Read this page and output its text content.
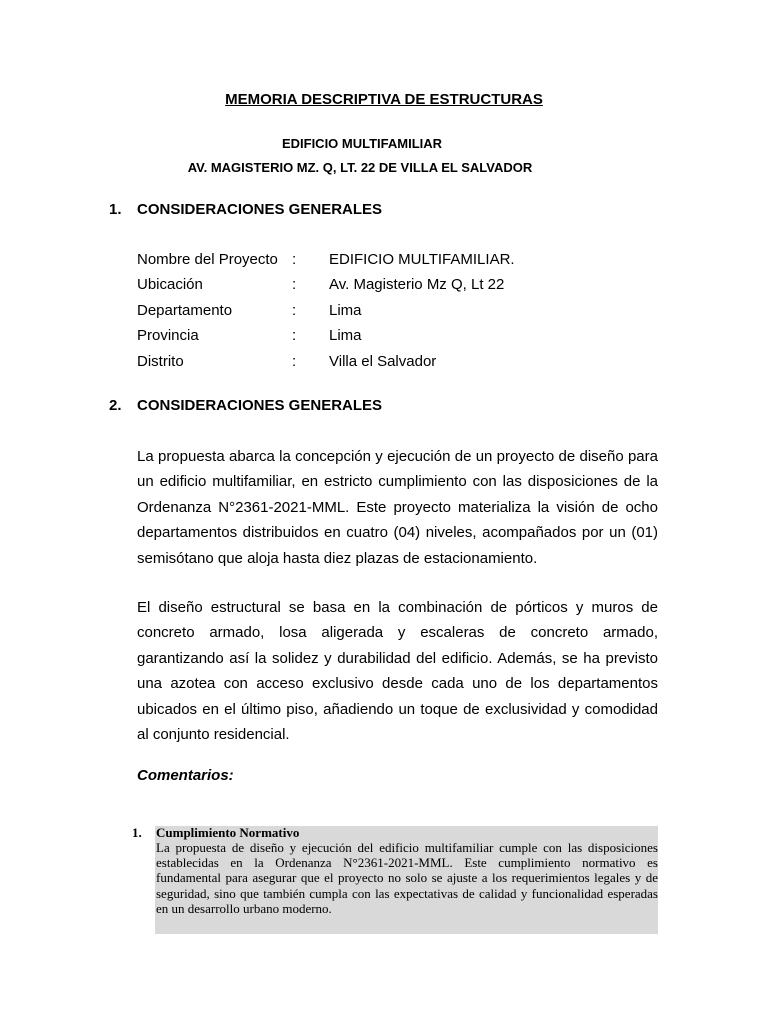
MEMORIA DESCRIPTIVA DE ESTRUCTURAS
EDIFICIO MULTIFAMILIAR
AV. MAGISTERIO MZ. Q, LT. 22 DE VILLA EL SALVADOR
1. CONSIDERACIONES GENERALES
Nombre del Proyecto : EDIFICIO MULTIFAMILIAR.
Ubicación	: Av. Magisterio Mz Q, Lt 22
Departamento	: Lima
Provincia	: Lima
Distrito	: Villa el Salvador
2. CONSIDERACIONES GENERALES

La propuesta abarca la concepción y ejecución de un proyecto de diseño para un edificio multifamiliar, en estricto cumplimiento con las disposiciones de la Ordenanza N°2361-2021-MML. Este proyecto materializa la visión de ocho departamentos distribuidos en cuatro (04) niveles, acompañados por un (01) semisótano que aloja hasta diez plazas de estacionamiento.

El diseño estructural se basa en la combinación de pórticos y muros de concreto armado, losa aligerada y escaleras de concreto armado, garantizando así la solidez y durabilidad del edificio. Además, se ha previsto una azotea con acceso exclusivo desde cada uno de los departamentos ubicados en el último piso, añadiendo un toque de exclusividad y comodidad al conjunto residencial.

Comentarios:
1. Cumplimiento Normativo
La propuesta de diseño y ejecución del edificio multifamiliar cumple con las disposiciones establecidas en la Ordenanza N°2361-2021-MML. Este cumplimiento normativo es fundamental para asegurar que el proyecto no solo se ajuste a los requerimientos legales y de seguridad, sino que también cumpla con las expectativas de calidad y funcionalidad esperadas en un desarrollo urbano moderno.
